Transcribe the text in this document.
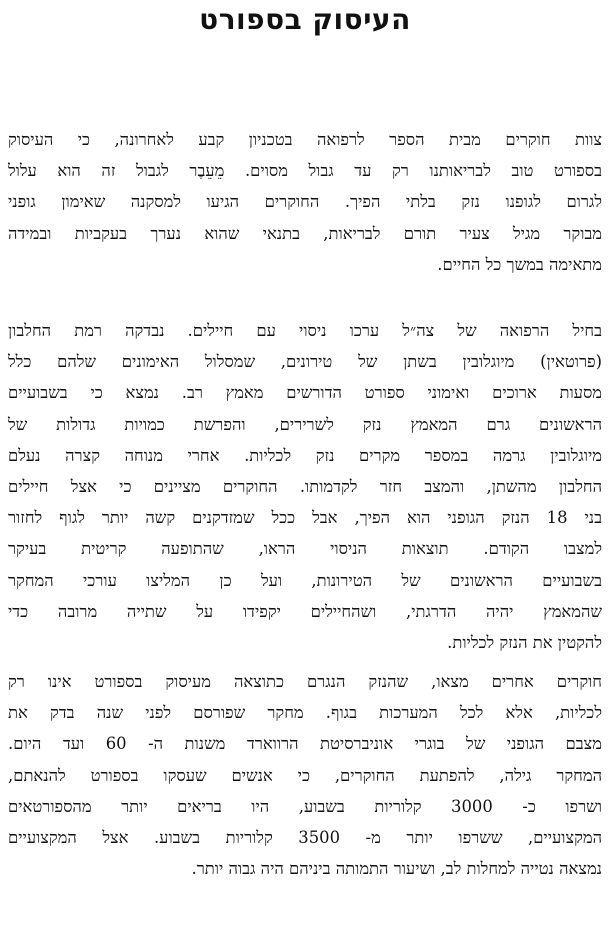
העיסוק בספורט
צוות חוקרים מבית הספר לרפואה בטכניון קבע לאחרונה, כי העיסוק
בספורט טוב לבריאותנו רק עד גבול מסוים. מֵעֵבֶר לגבול זה הוא עלול
לגרום לגופנו נזק בלתי הפיך. החוקרים הגיעו למסקנה שאימון גופני
מבוקר מגיל צעיר תורם לבריאות, בתנאי שהוא נערך בעקביות ובמידה
מתאימה במשך כל החיים.
בחיל הרפואה של צה״ל ערכו ניסוי עם חיילים. נבדקה רמת החלבון
(פרוטאין) מיוגלובין בשתן של טירונים, שמסלול האימונים שלהם כלל
מסעות ארוכים ואימוני ספורט הדורשים מאמץ רב. נמצא כי בשבועיים
הראשונים גרם המאמץ נזק לשרירים, והפרשת כמויות גדולות של
מיוגלובין גרמה במספר מקרים נזק לכליות. אחרי מנוחה קצרה נעלם
החלבון מהשתן, והמצב חזר לקדמותו. החוקרים מציינים כי אצל חיילים
בני 18 הנזק הגופני הוא הפיך, אבל ככל שמזדקנים קשה יותר לגוף לחזור
למצבו הקודם. תוצאות הניסוי הראו, שהתופעה קריטית בעיקר
בשבועיים הראשונים של הטירונות, ועל כן המליצו עורכי המחקר
שהמאמץ יהיה הדרגתי, ושהחיילים יקפידו על שתייה מרובה כדי
להקטין את הנזק לכליות.
חוקרים אחרים מצאו, שהנזק הנגרם כתוצאה מעיסוק בספורט אינו רק
לכליות, אלא לכל המערכות בגוף. מחקר שפורסם לפני שנה בדק את
מצבם הגופני של בוגרי אוניברסיטת הרווארד משנות ה- 60 ועד היום.
המחקר גילה, להפתעת החוקרים, כי אנשים שעסקו בספורט להנאתם,
ושרפו כ- 3000 קלוריות בשבוע, היו בריאים יותר מהספורטאים
המקצועיים, ששרפו יותר מ- 3500 קלוריות בשבוע. אצל המקצועיים
נמצאה נטייה למחלות לב, ושיעור התמותה ביניהם היה גבוה יותר.
